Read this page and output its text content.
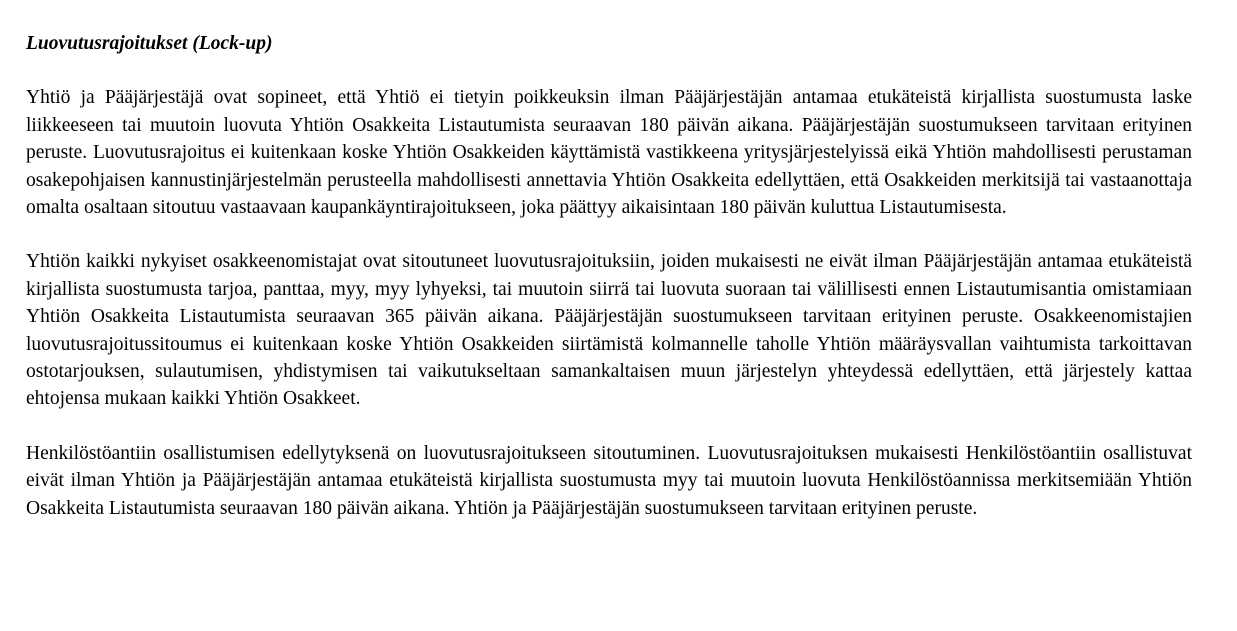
Luovutusrajoitukset (Lock-up)

Yhtiö ja Pääjärjestäjä ovat sopineet, että Yhtiö ei tietyin poikkeuksin ilman Pääjärjestäjän antamaa etukäteistä kirjallista suostumusta laske liikkeeseen tai muutoin luovuta Yhtiön Osakkeita Listautumista seuraavan 180 päivän aikana. Pääjärjestäjän suostumukseen tarvitaan erityinen peruste. Luovutusrajoitus ei kuitenkaan koske Yhtiön Osakkeiden käyttämistä vastikkeena yritysjärjestelyissä eikä Yhtiön mahdollisesti perustaman osakepohjaisen kannustinjärjestelmän perusteella mahdollisesti annettavia Yhtiön Osakkeita edellyttäen, että Osakkeiden merkitsijä tai vastaanottaja omalta osaltaan sitoutuu vastaavaan kaupankäyntirajoitukseen, joka päättyy aikaisintaan 180 päivän kuluttua Listautumisesta.

Yhtiön kaikki nykyiset osakkeenomistajat ovat sitoutuneet luovutusrajoituksiin, joiden mukaisesti ne eivät ilman Pääjärjestäjän antamaa etukäteistä kirjallista suostumusta tarjoa, panttaa, myy, myy lyhyeksi, tai muutoin siirrä tai luovuta suoraan tai välillisesti ennen Listautumisantia omistamiaan Yhtiön Osakkeita Listautumista seuraavan 365 päivän aikana. Pääjärjestäjän suostumukseen tarvitaan erityinen peruste. Osakkeenomistajien luovutusrajoitussitoumus ei kuitenkaan koske Yhtiön Osakkeiden siirtämistä kolmannelle taholle Yhtiön määräysvallan vaihtumista tarkoittavan ostotarjouksen, sulautumisen, yhdistymisen tai vaikutukseltaan samankaltaisen muun järjestelyn yhteydessä edellyttäen, että järjestely kattaa ehtojensa mukaan kaikki Yhtiön Osakkeet.

Henkilöstöantiin osallistumisen edellytyksenä on luovutusrajoitukseen sitoutuminen. Luovutusrajoituksen mukaisesti Henkilöstöantiin osallistuvat eivät ilman Yhtiön ja Pääjärjestäjän antamaa etukäteistä kirjallista suostumusta myy tai muutoin luovuta Henkilöstöannissa merkitsemiään Yhtiön Osakkeita Listautumista seuraavan 180 päivän aikana. Yhtiön ja Pääjärjestäjän suostumukseen tarvitaan erityinen peruste.
